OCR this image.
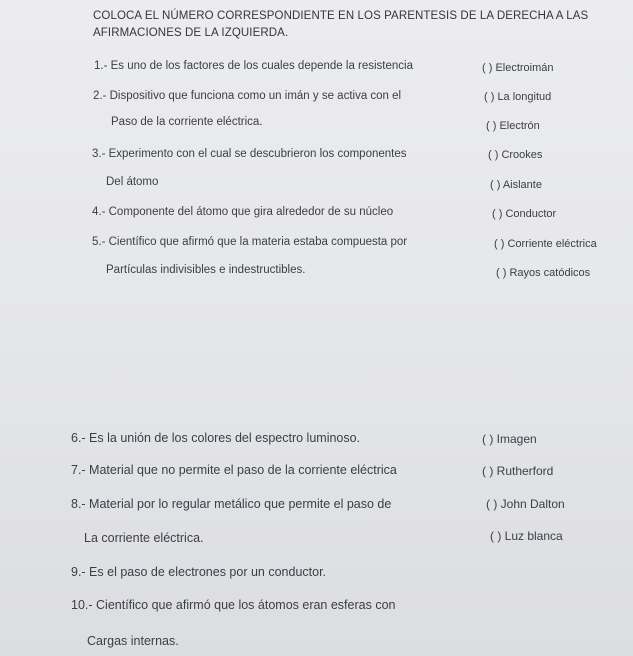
COLOCA EL NÚMERO CORRESPONDIENTE EN LOS PARENTESIS DE LA DERECHA A LAS
AFIRMACIONES DE LA IZQUIERDA.
1.- Es uno de los factores de los cuales depende la resistencia
2.- Dispositivo que funciona como un imán y se activa con el
Paso de la corriente eléctrica.
3.- Experimento con el cual se descubrieron los componentes
Del átomo
4.- Componente del átomo que gira alrededor de su núcleo
5.- Científico que afirmó que la materia estaba compuesta por
Partículas indivisibles e indestructibles.
( ) Electroimán
( ) La longitud
( ) Electrón
( ) Crookes
( ) Aislante
( ) Conductor
( ) Corriente eléctrica
( ) Rayos catódicos
6.- Es la unión de los colores del espectro luminoso.
7.- Material que no permite el paso de la corriente eléctrica
8.- Material por lo regular metálico que permite el paso de
La corriente eléctrica.
9.- Es el paso de electrones por un conductor.
10.- Científico que afirmó que los átomos eran esferas con
Cargas internas.
( ) Imagen
( ) Rutherford
( ) John Dalton
( ) Luz blanca
